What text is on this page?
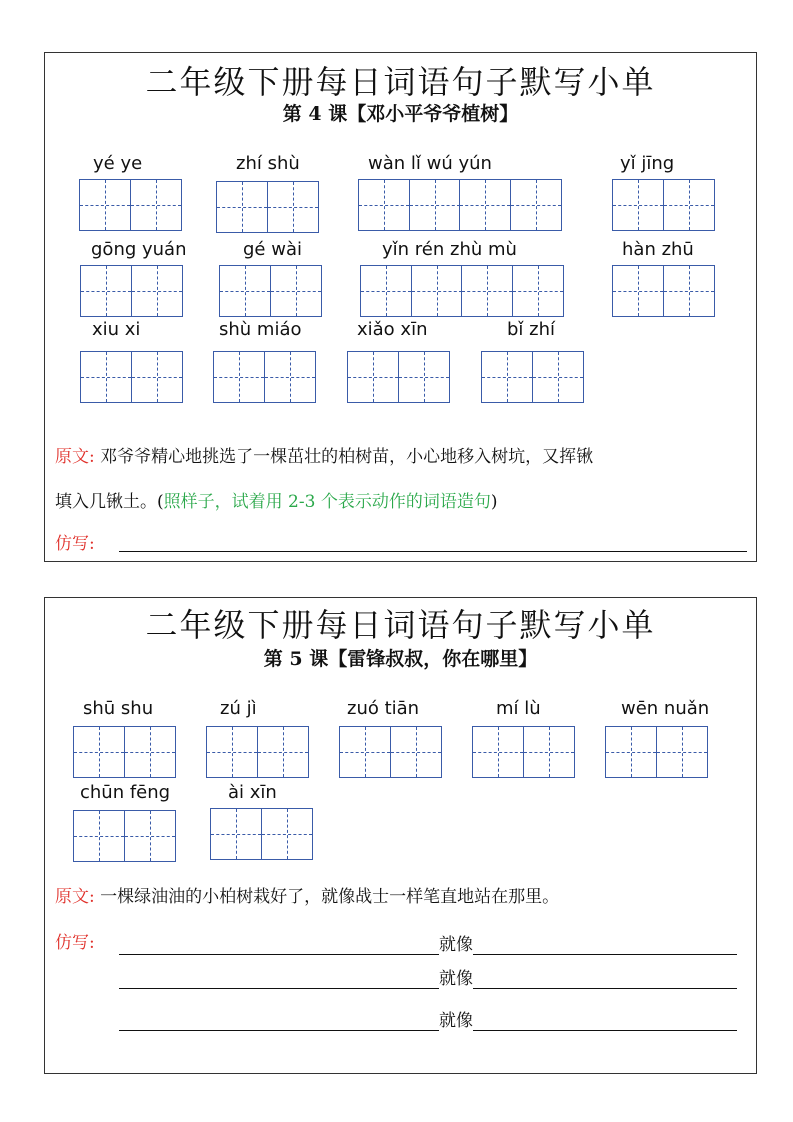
二年级下册每日词语句子默写小单
第 4 课【邓小平爷爷植树】
yé ye	zhí shù	wàn lǐ wú yún	yǐ jīng
gōng yuán	gé wài	yǐn rén zhù mù	hàn zhū
xiu xi	shù miáo	xiǎo xīn	bǐ zhí
原文: 邓爷爷精心地挑选了一棵茁壮的柏树苗，小心地移入树坑，又挥锹
填入几锹土。(照样子，试着用 2-3 个表示动作的词语造句)
仿写:
二年级下册每日词语句子默写小单
第 5 课【雷锋叔叔，你在哪里】
shū shu	zú jì	zuó tiān	mí lù	wēn nuǎn
chūn fēng	ài xīn
原文: 一棵绿油油的小柏树栽好了，就像战士一样笔直地站在那里。
仿写:	就像
就像
就像
